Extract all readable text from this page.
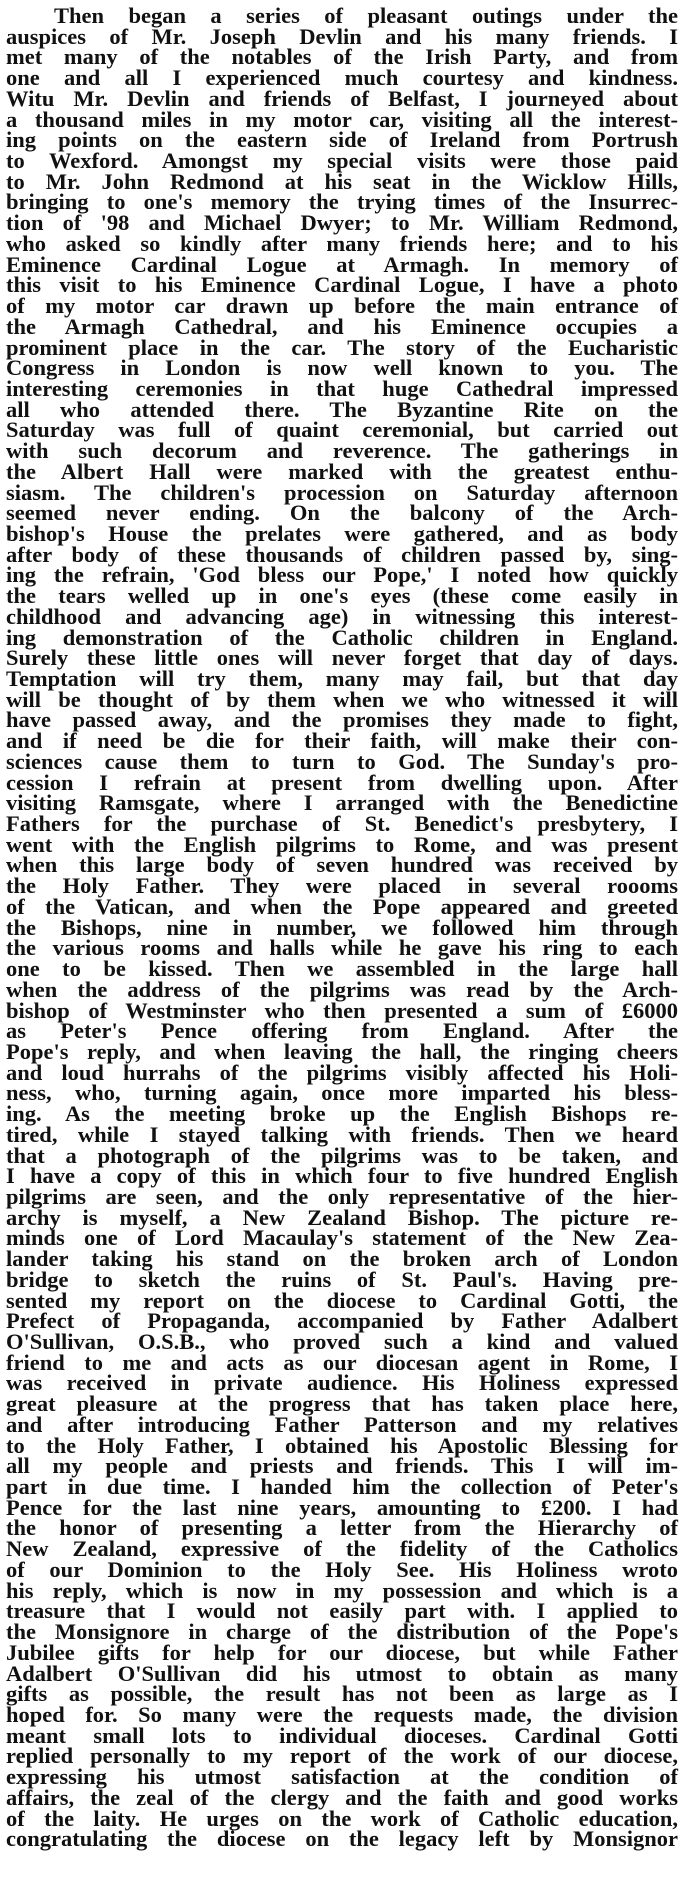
Then began a series of pleasant outings under the
auspices of Mr. Joseph Devlin and his many friends. I
met many of the notables of the Irish Party, and from
one and all I experienced much courtesy and kindness.
Witu Mr. Devlin and friends of Belfast, I journeyed about
a thousand miles in my motor car, visiting all the interest-
ing points on the eastern side of Ireland from Portrush
to Wexford. Amongst my special visits were those paid
to Mr. John Redmond at his seat in the Wicklow Hills,
bringing to one's memory the trying times of the Insurrec-
tion of '98 and Michael Dwyer; to Mr. William Redmond,
who asked so kindly after many friends here; and to his
Eminence Cardinal Logue at Armagh. In memory of
this visit to his Eminence Cardinal Logue, I have a photo
of my motor car drawn up before the main entrance of
the Armagh Cathedral, and his Eminence occupies a
prominent place in the car. The story of the Eucharistic
Congress in London is now well known to you. The
interesting ceremonies in that huge Cathedral impressed
all who attended there. The Byzantine Rite on the
Saturday was full of quaint ceremonial, but carried out
with such decorum and reverence. The gatherings in
the Albert Hall were marked with the greatest enthu-
siasm. The children's procession on Saturday afternoon
seemed never ending. On the balcony of the Arch-
bishop's House the prelates were gathered, and as body
after body of these thousands of children passed by, sing-
ing the refrain, 'God bless our Pope,' I noted how quickly
the tears welled up in one's eyes (these come easily in
childhood and advancing age) in witnessing this interest-
ing demonstration of the Catholic children in England.
Surely these little ones will never forget that day of days.
Temptation will try them, many may fail, but that day
will be thought of by them when we who witnessed it will
have passed away, and the promises they made to fight,
and if need be die for their faith, will make their con-
sciences cause them to turn to God. The Sunday's pro-
cession I refrain at present from dwelling upon. After
visiting Ramsgate, where I arranged with the Benedictine
Fathers for the purchase of St. Benedict's presbytery, I
went with the English pilgrims to Rome, and was present
when this large body of seven hundred was received by
the Holy Father. They were placed in several roooms
of the Vatican, and when the Pope appeared and greeted
the Bishops, nine in number, we followed him through
the various rooms and halls while he gave his ring to each
one to be kissed. Then we assembled in the large hall
when the address of the pilgrims was read by the Arch-
bishop of Westminster who then presented a sum of £6000
as Peter's Pence offering from England. After the
Pope's reply, and when leaving the hall, the ringing cheers
and loud hurrahs of the pilgrims visibly affected his Holi-
ness, who, turning again, once more imparted his bless-
ing. As the meeting broke up the English Bishops re-
tired, while I stayed talking with friends. Then we heard
that a photograph of the pilgrims was to be taken, and
I have a copy of this in which four to five hundred English
pilgrims are seen, and the only representative of the hier-
archy is myself, a New Zealand Bishop. The picture re-
minds one of Lord Macaulay's statement of the New Zea-
lander taking his stand on the broken arch of London
bridge to sketch the ruins of St. Paul's. Having pre-
sented my report on the diocese to Cardinal Gotti, the
Prefect of Propaganda, accompanied by Father Adalbert
O'Sullivan, O.S.B., who proved such a kind and valued
friend to me and acts as our diocesan agent in Rome, I
was received in private audience. His Holiness expressed
great pleasure at the progress that has taken place here,
and after introducing Father Patterson and my relatives
to the Holy Father, I obtained his Apostolic Blessing for
all my people and priests and friends. This I will im-
part in due time. I handed him the collection of Peter's
Pence for the last nine years, amounting to £200. I had
the honor of presenting a letter from the Hierarchy of
New Zealand, expressive of the fidelity of the Catholics
of our Dominion to the Holy See. His Holiness wroto
his reply, which is now in my possession and which is a
treasure that I would not easily part with. I applied to
the Monsignore in charge of the distribution of the Pope's
Jubilee gifts for help for our diocese, but while Father
Adalbert O'Sullivan did his utmost to obtain as many
gifts as possible, the result has not been as large as I
hoped for. So many were the requests made, the division
meant small lots to individual dioceses. Cardinal Gotti
replied personally to my report of the work of our diocese,
expressing his utmost satisfaction at the condition of
affairs, the zeal of the clergy and the faith and good works
of the laity. He urges on the work of Catholic education,
congratulating the diocese on the legacy left by Monsignor
